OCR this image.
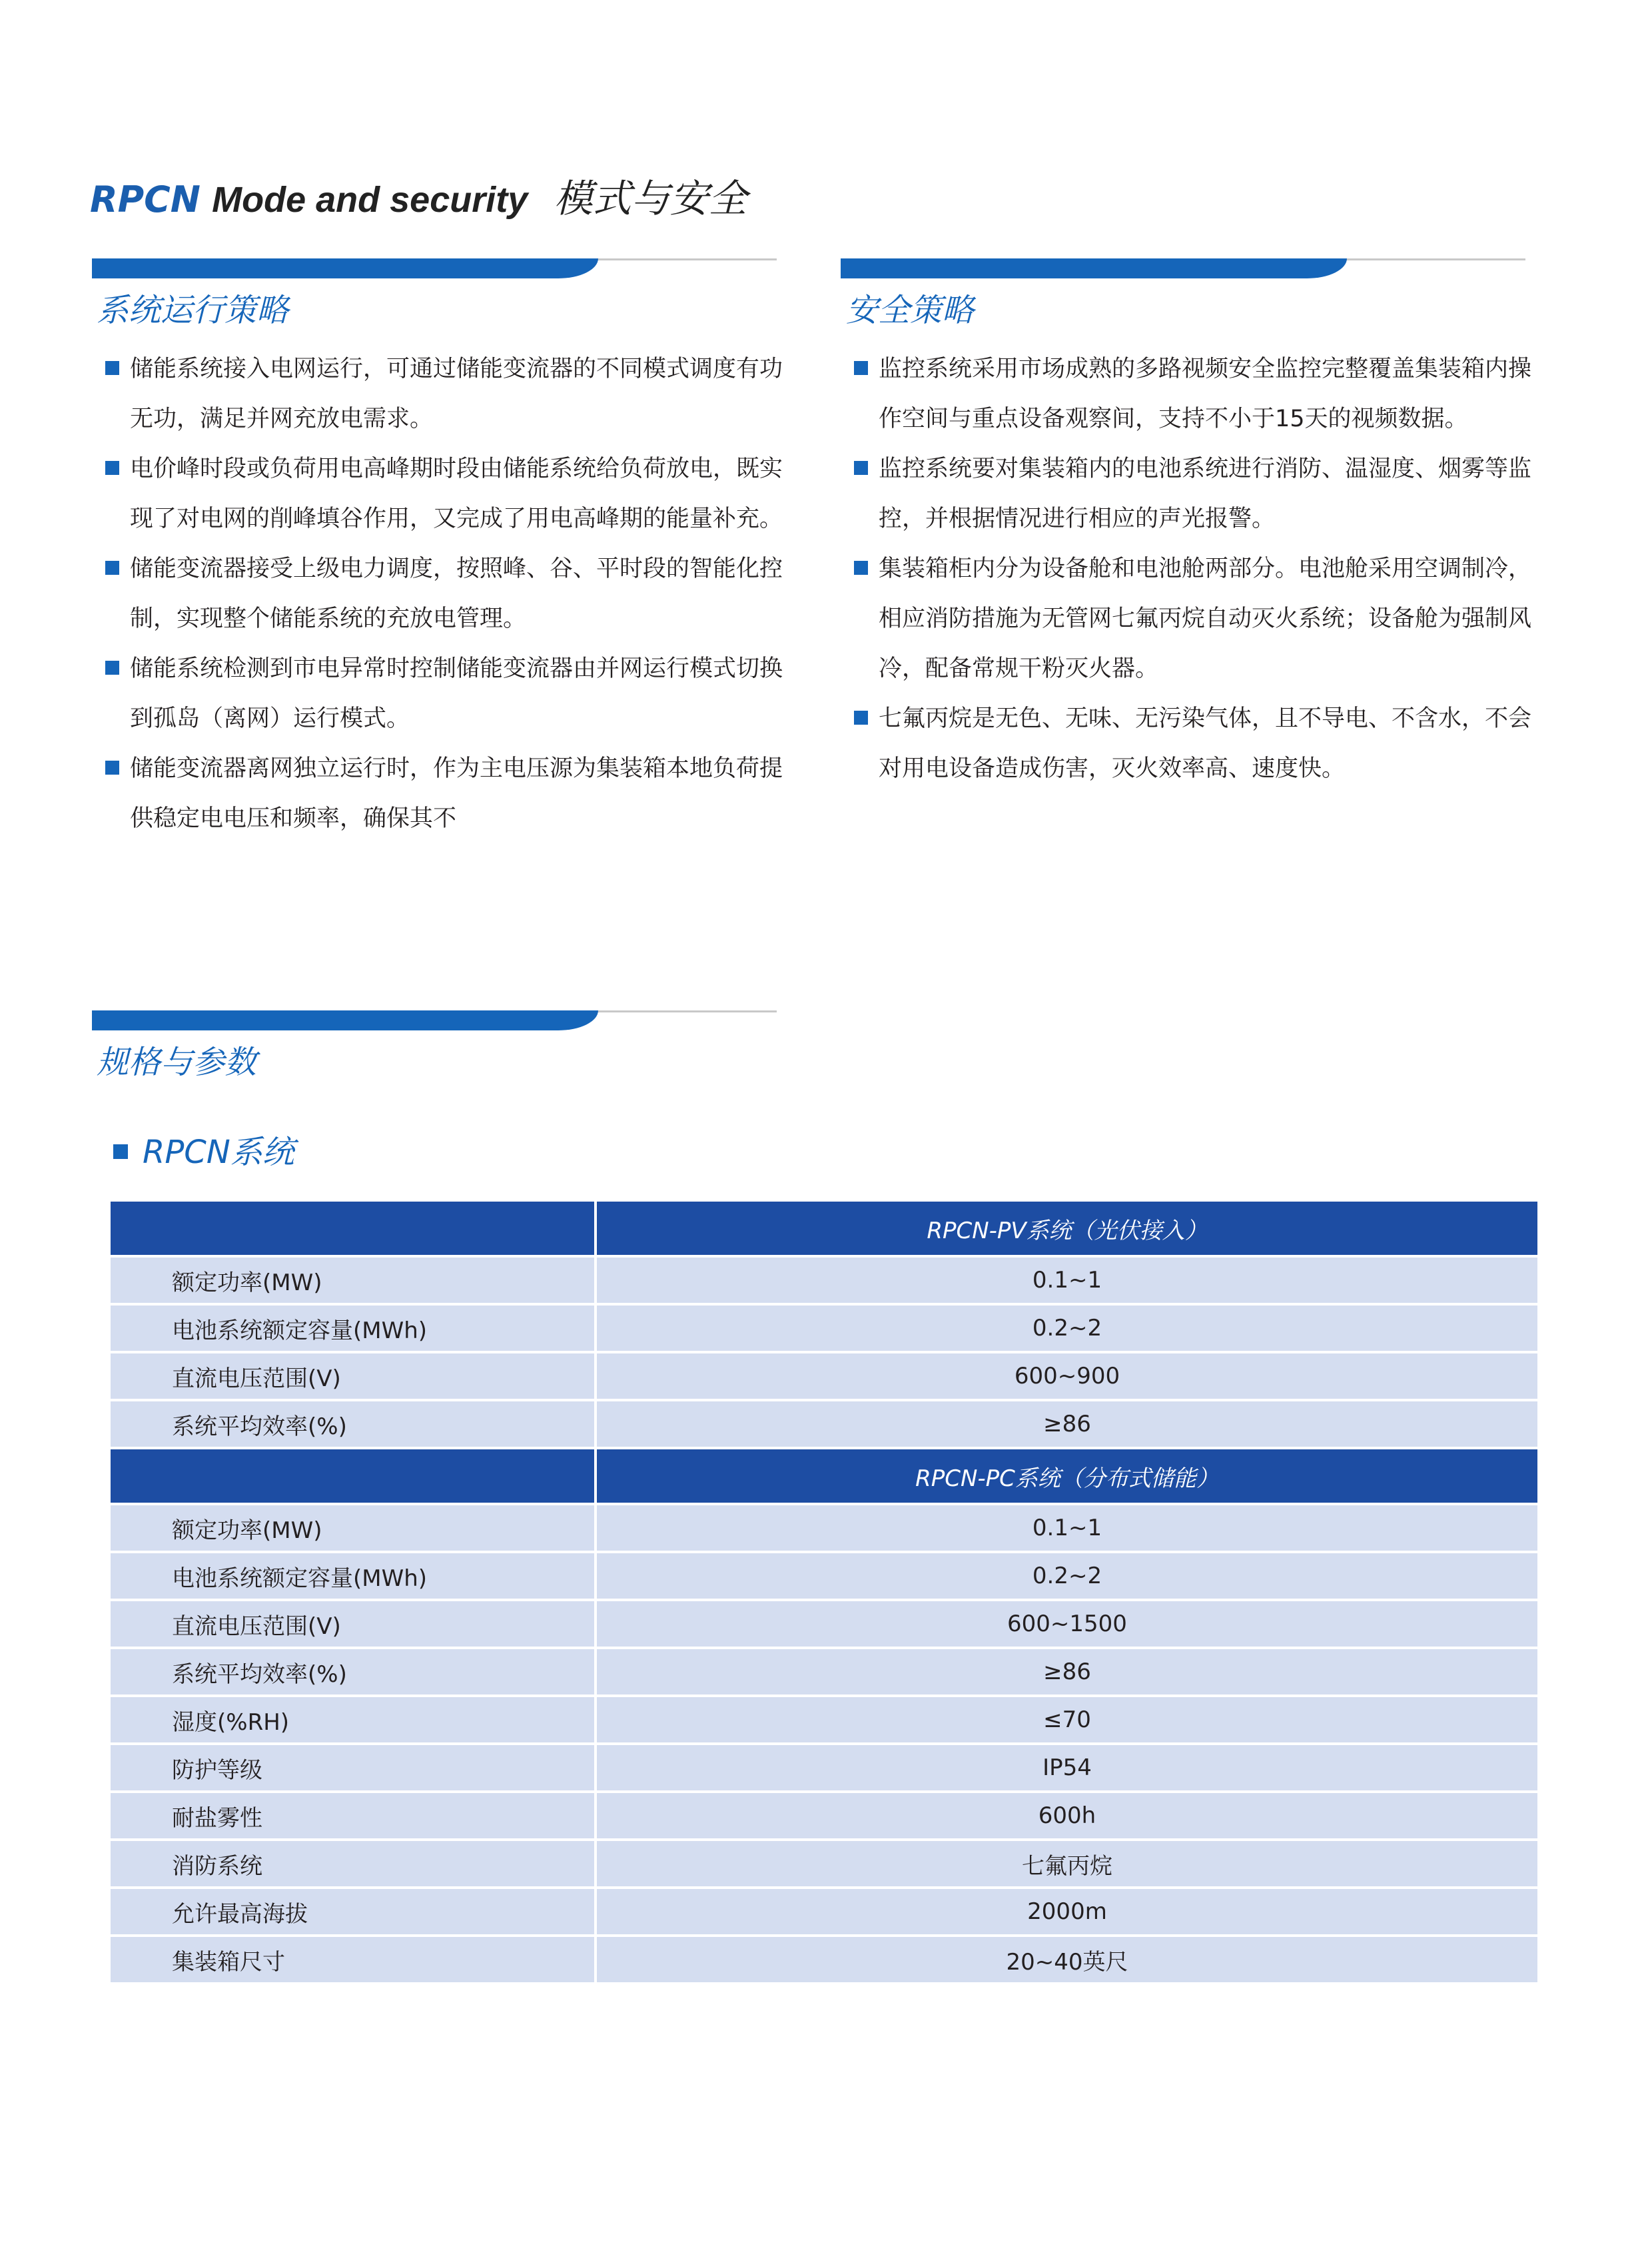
RPCN Mode and security 模式与安全
系统运行策略
储能系统接入电网运行，可通过储能变流器的不同模式调度有功无功，满足并网充放电需求。
电价峰时段或负荷用电高峰期时段由储能系统给负荷放电，既实现了对电网的削峰填谷作用，又完成了用电高峰期的能量补充。
储能变流器接受上级电力调度，按照峰、谷、平时段的智能化控制，实现整个储能系统的充放电管理。
储能系统检测到市电异常时控制储能变流器由并网运行模式切换到孤岛（离网）运行模式。
储能变流器离网独立运行时，作为主电压源为集装箱本地负荷提供稳定电电压和频率，确保其不
安全策略
监控系统采用市场成熟的多路视频安全监控完整覆盖集装箱内操作空间与重点设备观察间，支持不小于15天的视频数据。
监控系统要对集装箱内的电池系统进行消防、温湿度、烟雾等监控，并根据情况进行相应的声光报警。
集装箱柜内分为设备舱和电池舱两部分。电池舱采用空调制冷，相应消防措施为无管网七氟丙烷自动灭火系统；设备舱为强制风冷，配备常规干粉灭火器。
七氟丙烷是无色、无味、无污染气体，且不导电、不含水，不会对用电设备造成伤害，灭火效率高、速度快。
规格与参数
RPCN系统
	RPCN-PV系统（光伏接入）
额定功率(MW)	0.1~1
电池系统额定容量(MWh)	0.2~2
直流电压范围(V)	600~900
系统平均效率(%)	≥86
	RPCN-PC系统（分布式储能）
额定功率(MW)	0.1~1
电池系统额定容量(MWh)	0.2~2
直流电压范围(V)	600~1500
系统平均效率(%)	≥86
湿度(%RH)	≤70
防护等级	IP54
耐盐雾性	600h
消防系统	七氟丙烷
允许最高海拔	2000m
集装箱尺寸	20~40英尺
